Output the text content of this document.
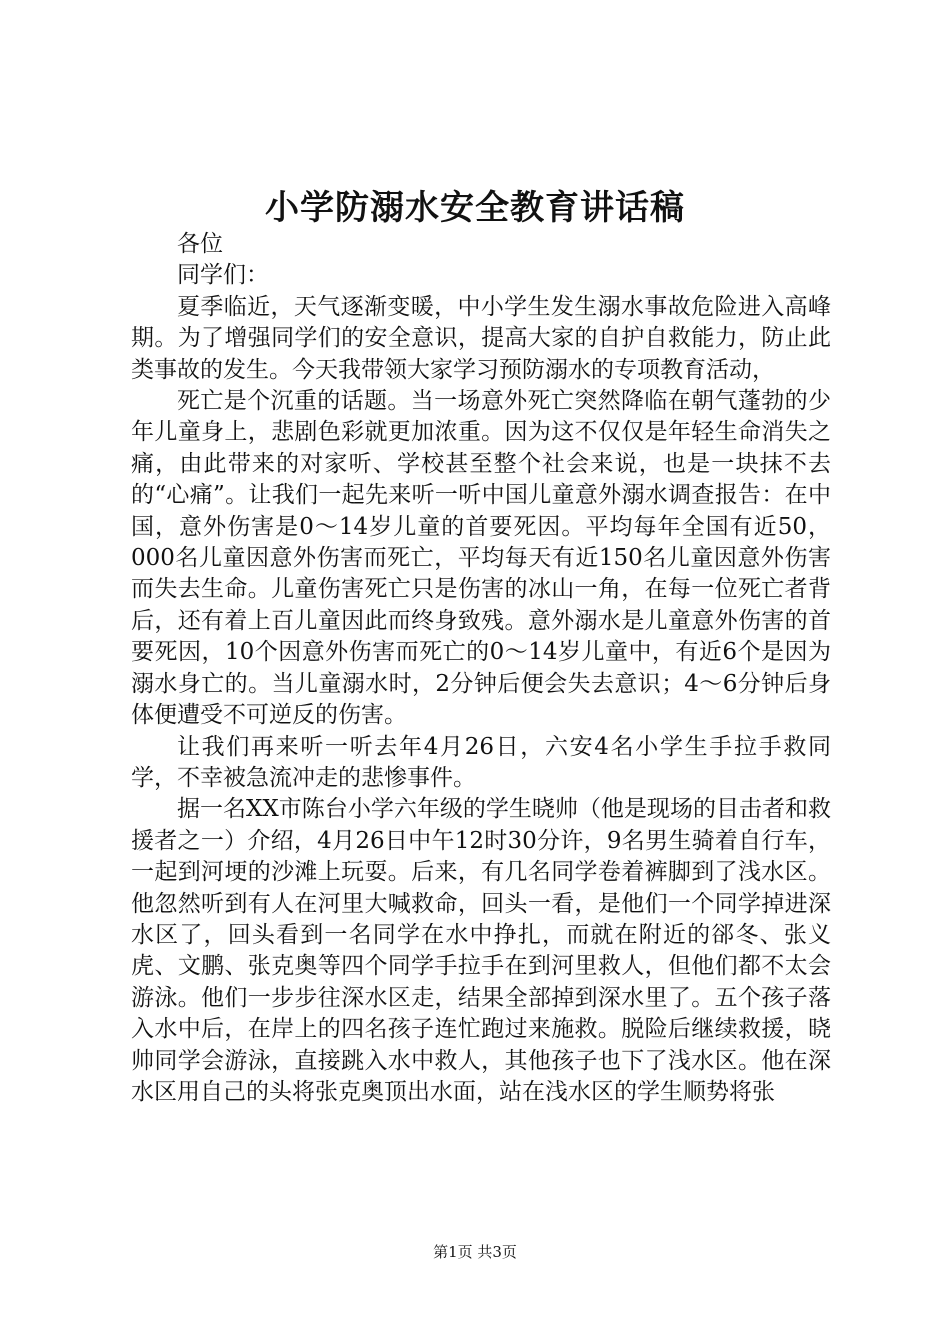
小学防溺水安全教育讲话稿

各位

同学们：

夏季临近，天气逐渐变暖，中小学生发生溺水事故危险进入高峰期。为了增强同学们的安全意识，提高大家的自护自救能力，防止此类事故的发生。今天我带领大家学习预防溺水的专项教育活动，

死亡是个沉重的话题。当一场意外死亡突然降临在朝气蓬勃的少年儿童身上，悲剧色彩就更加浓重。因为这不仅仅是年轻生命消失之痛，由此带来的对家听、学校甚至整个社会来说，也是一块抹不去的“心痛”。让我们一起先来听一听中国儿童意外溺水调查报告：在中国，意外伤害是0～14岁儿童的首要死因。平均每年全国有近50，000名儿童因意外伤害而死亡，平均每天有近150名儿童因意外伤害而失去生命。儿童伤害死亡只是伤害的冰山一角，在每一位死亡者背后，还有着上百儿童因此而终身致残。意外溺水是儿童意外伤害的首要死因，10个因意外伤害而死亡的0～14岁儿童中，有近6个是因为溺水身亡的。当儿童溺水时，2分钟后便会失去意识；4～6分钟后身体便遭受不可逆反的伤害。

让我们再来听一听去年4月26日，六安4名小学生手拉手救同学，不幸被急流冲走的悲惨事件。

据一名XX市陈台小学六年级的学生晓帅（他是现场的目击者和救援者之一）介绍，4月26日中午12时30分许，9名男生骑着自行车，一起到河埂的沙滩上玩耍。后来，有几名同学卷着裤脚到了浅水区。他忽然听到有人在河里大喊救命，回头一看，是他们一个同学掉进深水区了，回头看到一名同学在水中挣扎，而就在附近的郤冬、张义虎、文鹏、张克奥等四个同学手拉手在到河里救人，但他们都不太会游泳。他们一步步往深水区走，结果全部掉到深水里了。五个孩子落入水中后，在岸上的四名孩子连忙跑过来施救。脱险后继续救援，晓帅同学会游泳，直接跳入水中救人，其他孩子也下了浅水区。他在深水区用自己的头将张克奥顶出水面，站在浅水区的学生顺势将张

第1页 共3页
